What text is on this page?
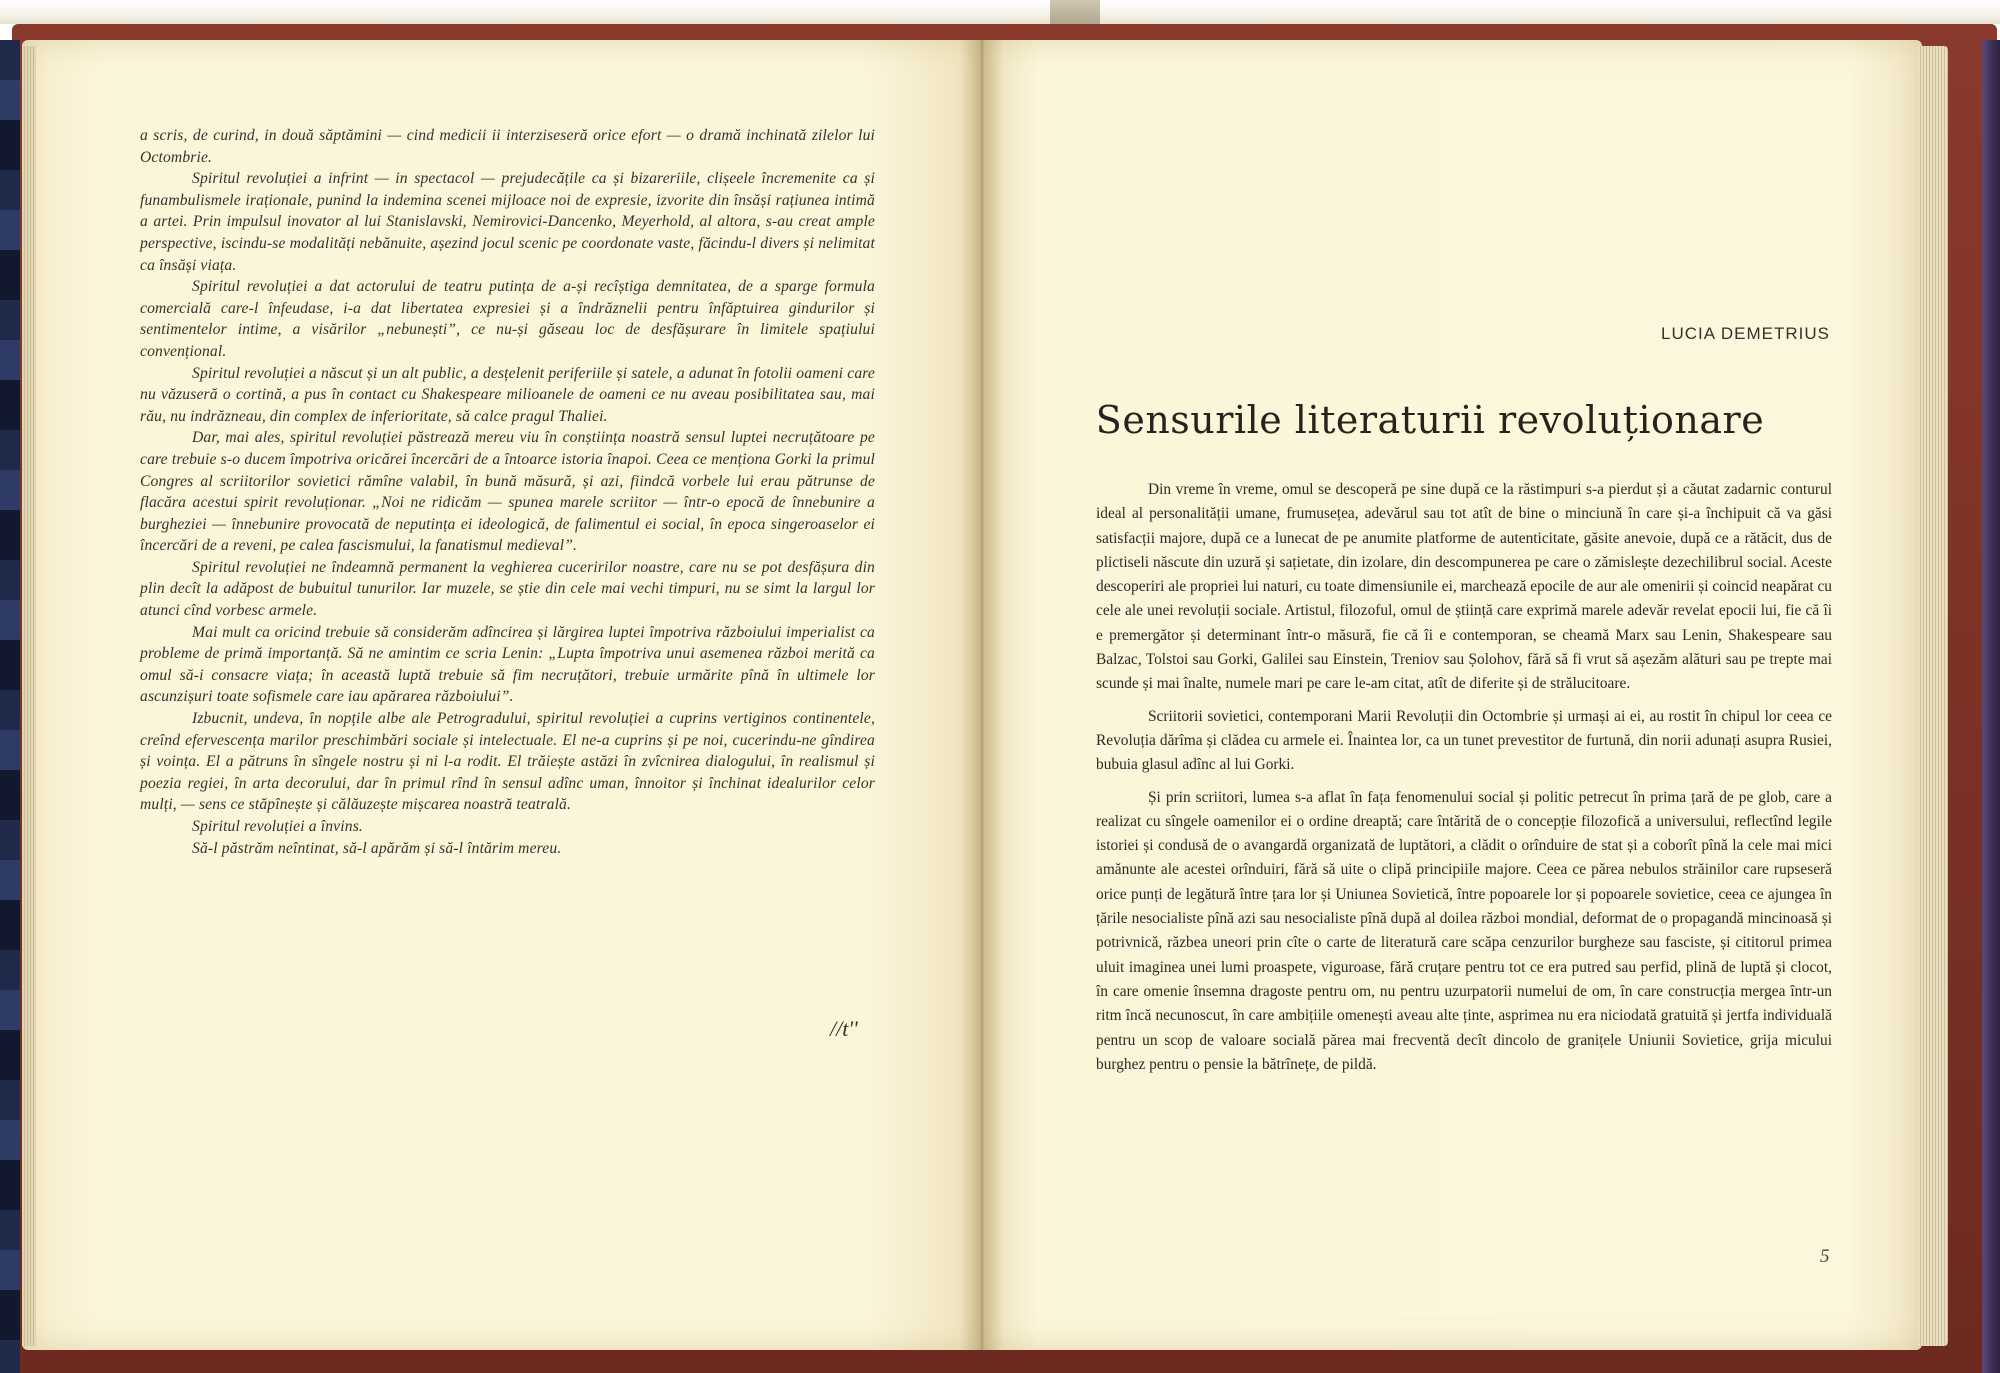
a scris, de curind, in două săptămini — cind medicii ii interziseseră orice efort — o dramă inchinată zilelor lui Octombrie.

Spiritul revoluției a infrint — in spectacol — prejudecățile ca și bizareriile, clișeele încremenite ca și funambulismele iraționale, punind la indemina scenei mijloace noi de expresie, izvorite din însăși rațiunea intimă a artei. Prin impulsul inovator al lui Stanislavski, Nemirovici-Dancenko, Meyerhold, al altora, s-au creat ample perspective, iscindu-se modalități nebănuite, așezind jocul scenic pe coordonate vaste, făcindu-l divers și nelimitat ca însăși viața.

Spiritul revoluției a dat actorului de teatru putința de a-și recîștiga demnitatea, de a sparge formula comercială care-l înfeudase, i-a dat libertatea expresiei și a îndrăznelii pentru înfăptuirea gindurilor și sentimentelor intime, a visărilor „nebunești”, ce nu-și găseau loc de desfășurare în limitele spațiului convențional.

Spiritul revoluției a născut și un alt public, a desțelenit periferiile și satele, a adunat în fotolii oameni care nu văzuseră o cortină, a pus în contact cu Shakespeare milioanele de oameni ce nu aveau posibilitatea sau, mai rău, nu indrăzneau, din complex de inferioritate, să calce pragul Thaliei.

Dar, mai ales, spiritul revoluției păstrează mereu viu în conștiința noastră sensul luptei necruțătoare pe care trebuie s-o ducem împotriva oricărei încercări de a întoarce istoria înapoi. Ceea ce menționa Gorki la primul Congres al scriitorilor sovietici rămîne valabil, în bună măsură, și azi, fiindcă vorbele lui erau pătrunse de flacăra acestui spirit revoluționar. „Noi ne ridicăm — spunea marele scriitor — într-o epocă de înnebunire a burgheziei — înnebunire provocată de neputința ei ideologică, de falimentul ei social, în epoca singeroaselor ei încercări de a reveni, pe calea fascismului, la fanatismul medieval”.

Spiritul revoluției ne îndeamnă permanent la veghierea cuceririlor noastre, care nu se pot desfășura din plin decît la adăpost de bubuitul tunurilor. Iar muzele, se știe din cele mai vechi timpuri, nu se simt la largul lor atunci cînd vorbesc armele.

Mai mult ca oricind trebuie să considerăm adîncirea și lărgirea luptei împotriva războiului imperialist ca probleme de primă importanță. Să ne amintim ce scria Lenin: „Lupta împotriva unui asemenea război merită ca omul să-i consacre viața; în această luptă trebuie să fim necruțători, trebuie urmărite pînă în ultimele lor ascunzișuri toate sofismele care iau apărarea războiului”.

Izbucnit, undeva, în nopțile albe ale Petrogradului, spiritul revoluției a cuprins vertiginos continentele, creînd efervescența marilor preschimbări sociale și intelectuale. El ne-a cuprins și pe noi, cucerindu-ne gîndirea și voința. El a pătruns în sîngele nostru și ni l-a rodit. El trăiește astăzi în zvîcnirea dialogului, în realismul și poezia regiei, în arta decorului, dar în primul rînd în sensul adînc uman, înnoitor și închinat idealurilor celor mulți, — sens ce stăpînește și călăuzește mișcarea noastră teatrală.

Spiritul revoluției a învins.

Să-l păstrăm neîntinat, să-l apărăm și să-l întărim mereu.

//t''
LUCIA DEMETRIUS
Sensurile literaturii revoluționare

Din vreme în vreme, omul se descoperă pe sine după ce la răstimpuri s-a pierdut și a căutat zadarnic conturul ideal al personalității umane, frumusețea, adevărul sau tot atît de bine o minciună în care și-a închipuit că va găsi satisfacții majore, după ce a lunecat de pe anumite platforme de autenticitate, găsite anevoie, după ce a rătăcit, dus de plictiseli născute din uzură și sațietate, din izolare, din descompunerea pe care o zămislește dezechilibrul social. Aceste descoperiri ale propriei lui naturi, cu toate dimensiunile ei, marchează epocile de aur ale omenirii și coincid neapărat cu cele ale unei revoluții sociale. Artistul, filozoful, omul de știință care exprimă marele adevăr revelat epocii lui, fie că îi e premergător și determinant într-o măsură, fie că îi e contemporan, se cheamă Marx sau Lenin, Shakespeare sau Balzac, Tolstoi sau Gorki, Galilei sau Einstein, Treniov sau Șolohov, fără să fi vrut să așezăm alături sau pe trepte mai scunde și mai înalte, numele mari pe care le-am citat, atît de diferite și de strălucitoare.

Scriitorii sovietici, contemporani Marii Revoluții din Octombrie și urmași ai ei, au rostit în chipul lor ceea ce Revoluția dărîma și clădea cu armele ei. Înaintea lor, ca un tunet prevestitor de furtună, din norii adunați asupra Rusiei, bubuia glasul adînc al lui Gorki.

Și prin scriitori, lumea s-a aflat în fața fenomenului social și politic petrecut în prima țară de pe glob, care a realizat cu sîngele oamenilor ei o ordine dreaptă; care întărită de o concepție filozofică a universului, reflectînd legile istoriei și condusă de o avangardă organizată de luptători, a clădit o orînduire de stat și a coborît pînă la cele mai mici amănunte ale acestei orînduiri, fără să uite o clipă principiile majore. Ceea ce părea nebulos străinilor care rupseseră orice punți de legătură între țara lor și Uniunea Sovietică, între popoarele lor și popoarele sovietice, ceea ce ajungea în țările nesocialiste pînă azi sau nesocialiste pînă după al doilea război mondial, deformat de o propagandă mincinoasă și potrivnică, răzbea uneori prin cîte o carte de literatură care scăpa cenzurilor burgheze sau fasciste, și cititorul primea uluit imaginea unei lumi proaspete, viguroase, fără cruțare pentru tot ce era putred sau perfid, plină de luptă și clocot, în care omenie însemna dragoste pentru om, nu pentru uzurpatorii numelui de om, în care construcția mergea într-un ritm încă necunoscut, în care ambițiile omenești aveau alte ținte, asprimea nu era niciodată gratuită și jertfa individuală pentru un scop de valoare socială părea mai frecventă decît dincolo de granițele Uniunii Sovietice, grija micului burghez pentru o pensie la bătrînețe, de pildă.

5
